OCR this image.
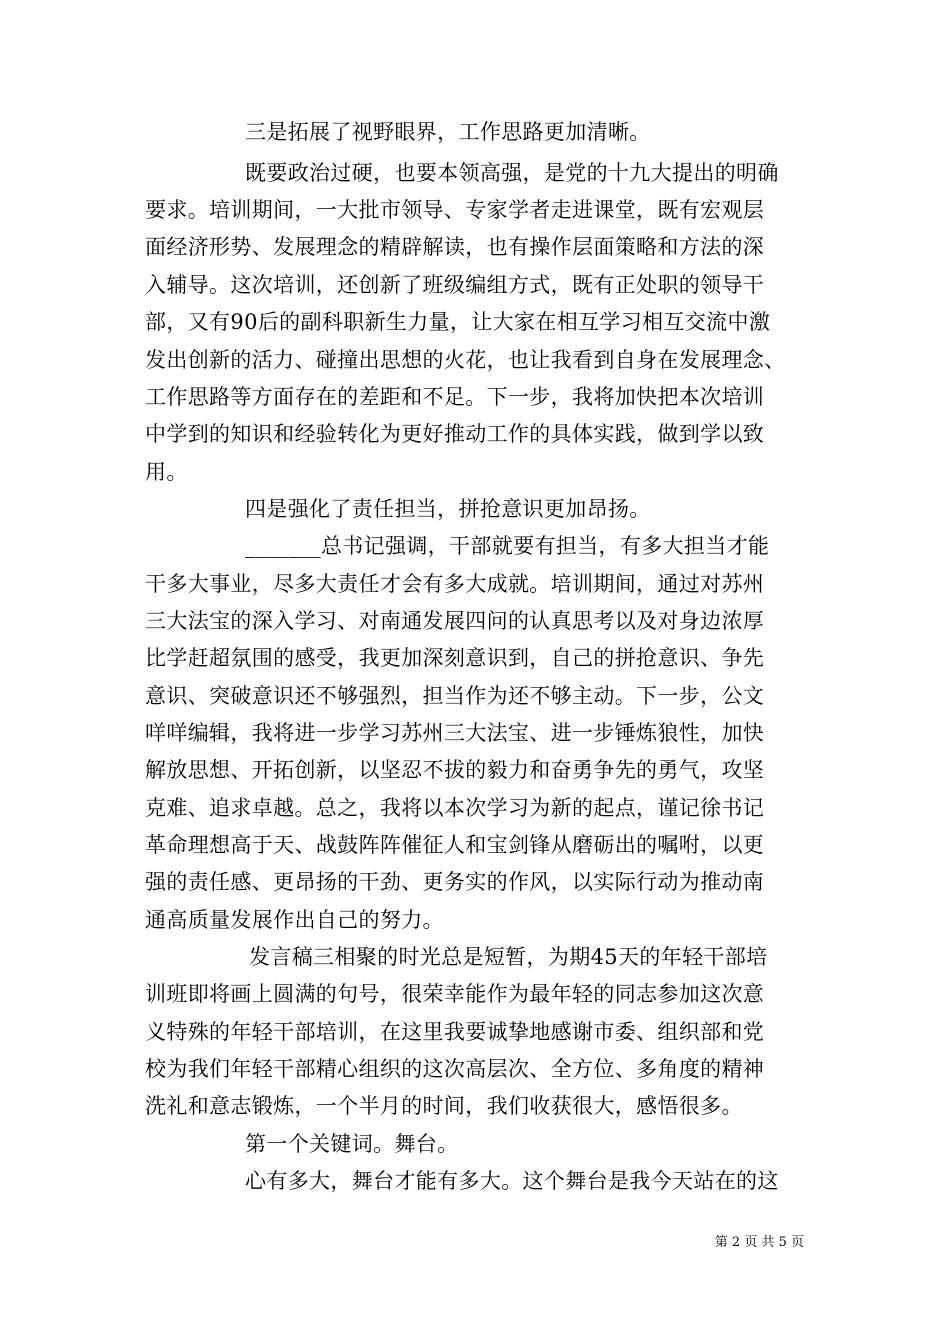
三是拓展了视野眼界，工作思路更加清晰。
既要政治过硬，也要本领高强，是党的十九大提出的明确
要求。培训期间，一大批市领导、专家学者走进课堂，既有宏观层
面经济形势、发展理念的精辟解读，也有操作层面策略和方法的深
入辅导。这次培训，还创新了班级编组方式，既有正处职的领导干
部，又有90后的副科职新生力量，让大家在相互学习相互交流中激
发出创新的活力、碰撞出思想的火花，也让我看到自身在发展理念、
工作思路等方面存在的差距和不足。下一步，我将加快把本次培训
中学到的知识和经验转化为更好推动工作的具体实践，做到学以致
用。
四是强化了责任担当，拼抢意识更加昂扬。
_______总书记强调，干部就要有担当，有多大担当才能
干多大事业，尽多大责任才会有多大成就。培训期间，通过对苏州
三大法宝的深入学习、对南通发展四问的认真思考以及对身边浓厚
比学赶超氛围的感受，我更加深刻意识到，自己的拼抢意识、争先
意识、突破意识还不够强烈，担当作为还不够主动。下一步，公文
咩咩编辑，我将进一步学习苏州三大法宝、进一步锤炼狼性，加快
解放思想、开拓创新，以坚忍不拔的毅力和奋勇争先的勇气，攻坚
克难、追求卓越。总之，我将以本次学习为新的起点，谨记徐书记
革命理想高于天、战鼓阵阵催征人和宝剑锋从磨砺出的嘱咐，以更
强的责任感、更昂扬的干劲、更务实的作风，以实际行动为推动南
通高质量发展作出自己的努力。
发言稿三相聚的时光总是短暂，为期45天的年轻干部培
训班即将画上圆满的句号，很荣幸能作为最年轻的同志参加这次意
义特殊的年轻干部培训，在这里我要诚挚地感谢市委、组织部和党
校为我们年轻干部精心组织的这次高层次、全方位、多角度的精神
洗礼和意志锻炼，一个半月的时间，我们收获很大，感悟很多。
第一个关键词。舞台。
心有多大，舞台才能有多大。这个舞台是我今天站在的这
第 2 页 共 5 页
